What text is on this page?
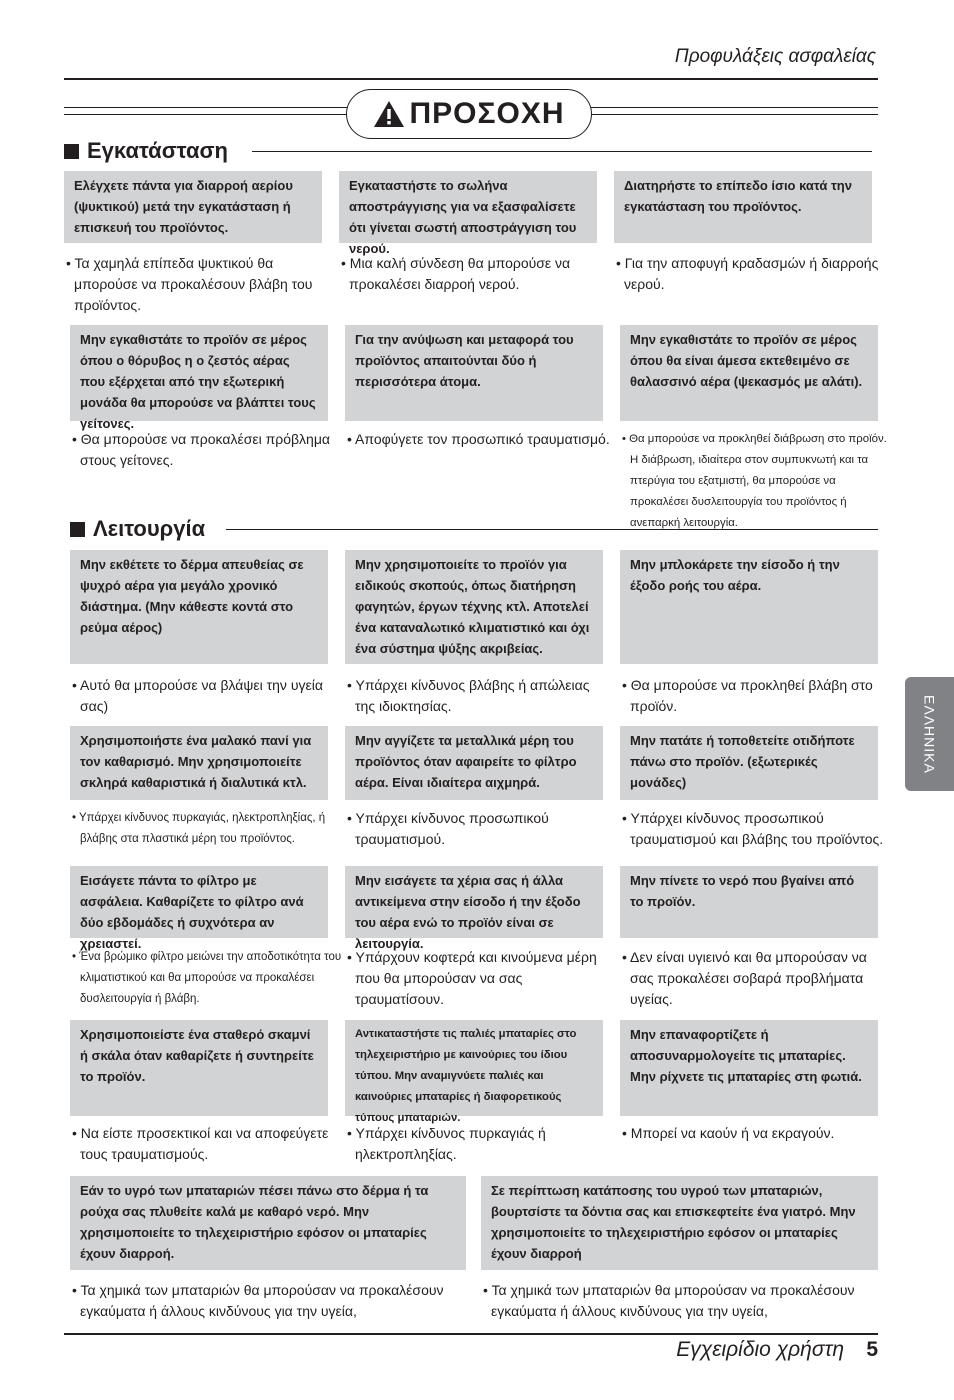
Προφυλάξεις ασφαλείας
ΠΡΟΣΟΧΗ
Εγκατάσταση
Ελέγχετε πάντα για διαρροή αερίου (ψυκτικού) μετά την εγκατάσταση ή επισκευή του προϊόντος.
Εγκαταστήστε το σωλήνα αποστράγγισης για να εξασφαλίσετε ότι γίνεται σωστή αποστράγγιση του νερού.
Διατηρήστε το επίπεδο ίσιο κατά την εγκατάσταση του προϊόντος.
• Τα χαμηλά επίπεδα ψυκτικού θα μπορούσε να προκαλέσουν βλάβη του προϊόντος.
• Μια καλή σύνδεση θα μπορούσε να προκαλέσει διαρροή νερού.
• Για την αποφυγή κραδασμών ή διαρροής νερού.
Μην εγκαθιστάτε το προϊόν σε μέρος όπου ο θόρυβος η ο ζεστός αέρας που εξέρχεται από την εξωτερική μονάδα θα μπορούσε να βλάπτει τους γείτονες.
Για την ανύψωση και μεταφορά του προϊόντος απαιτούνται δύο ή περισσότερα άτομα.
Μην εγκαθιστάτε το προϊόν σε μέρος όπου θα είναι άμεσα εκτεθειμένο σε θαλασσινό αέρα (ψεκασμός με αλάτι).
• Θα μπορούσε να προκαλέσει πρόβλημα στους γείτονες.
• Αποφύγετε τον προσωπικό τραυματισμό. • Θα μπορούσε να προκληθεί διάβρωση στο προϊόν. Η διάβρωση, ιδιαίτερα στον συμπυκνωτή και τα πτερύγια του εξατμιστή, θα μπορούσε να προκαλέσει δυσλειτουργία του προϊόντος ή ανεπαρκή λειτουργία.
Λειτουργία
Μην εκθέτετε το δέρμα απευθείας σε ψυχρό αέρα για μεγάλο χρονικό διάστημα. (Μην κάθεστε κοντά στο ρεύμα αέρος)
Μην χρησιμοποιείτε το προϊόν για ειδικούς σκοπούς, όπως διατήρηση φαγητών, έργων τέχνης κτλ. Αποτελεί ένα καταναλωτικό κλιματιστικό και όχι ένα σύστημα ψύξης ακριβείας.
Μην μπλοκάρετε την είσοδο ή την έξοδο ροής του αέρα.
• Αυτό θα μπορούσε να βλάψει την υγεία σας)
• Υπάρχει κίνδυνος βλάβης ή απώλειας της ιδιοκτησίας.
• Θα μπορούσε να προκληθεί βλάβη στο προϊόν.
Χρησιμοποιήστε ένα μαλακό πανί για τον καθαρισμό. Μην χρησιμοποιείτε σκληρά καθαριστικά ή διαλυτικά κτλ.
Μην αγγίζετε τα μεταλλικά μέρη του προϊόντος όταν αφαιρείτε το φίλτρο αέρα. Είναι ιδιαίτερα αιχμηρά.
Μην πατάτε ή τοποθετείτε οτιδήποτε πάνω στο προϊόν. (εξωτερικές μονάδες)
• Υπάρχει κίνδυνος πυρκαγιάς, ηλεκτροπληξίας, ή βλάβης στα πλαστικά μέρη του προϊόντος.
• Υπάρχει κίνδυνος προσωπικού τραυματισμού.
• Υπάρχει κίνδυνος προσωπικού τραυματισμού και βλάβης του προϊόντος.
Εισάγετε πάντα το φίλτρο με ασφάλεια. Καθαρίζετε το φίλτρο ανά δύο εβδομάδες ή συχνότερα αν χρειαστεί.
Μην εισάγετε τα χέρια σας ή άλλα αντικείμενα στην είσοδο ή την έξοδο του αέρα ενώ το προϊόν είναι σε λειτουργία.
Μην πίνετε το νερό που βγαίνει από το προϊόν.
• Ένα βρώμικο φίλτρο μειώνει την αποδοτικότητα του κλιματιστικού και θα μπορούσε να προκαλέσει δυσλειτουργία ή βλάβη.
• Υπάρχουν κοφτερά και κινούμενα μέρη που θα μπορούσαν να σας τραυματίσουν.
• Δεν είναι υγιεινό και θα μπορούσαν να σας προκαλέσει σοβαρά προβλήματα υγείας.
Χρησιμοποιείστε ένα σταθερό σκαμνί ή σκάλα όταν καθαρίζετε ή συντηρείτε το προϊόν.
Αντικαταστήστε τις παλιές μπαταρίες στο τηλεχειριστήριο με καινούριες του ίδιου τύπου. Μην αναμιγνύετε παλιές και καινούριες μπαταρίες ή διαφορετικούς τύπους μπαταριών.
Μην επαναφορτίζετε ή αποσυναρμολογείτε τις μπαταρίες. Μην ρίχνετε τις μπαταρίες στη φωτιά.
• Να είστε προσεκτικοί και να αποφεύγετε τους τραυματισμούς.
• Υπάρχει κίνδυνος πυρκαγιάς ή ηλεκτροπληξίας.
• Μπορεί να καούν ή να εκραγούν.
Εάν το υγρό των μπαταριών πέσει πάνω στο δέρμα ή τα ρούχα σας πλυθείτε καλά με καθαρό νερό. Μην χρησιμοποιείτε το τηλεχειριστήριο εφόσον οι μπαταρίες έχουν διαρροή.
Σε περίπτωση κατάποσης του υγρού των μπαταριών, βουρτσίστε τα δόντια σας και επισκεφτείτε ένα γιατρό. Μην χρησιμοποιείτε το τηλεχειριστήριο εφόσον οι μπαταρίες έχουν διαρροή
• Τα χημικά των μπαταριών θα μπορούσαν να προκαλέσουν εγκαύματα ή άλλους κινδύνους για την υγεία,
• Τα χημικά των μπαταριών θα μπορούσαν να προκαλέσουν εγκαύματα ή άλλους κινδύνους για την υγεία,
ΕΛΛΗΝΙΚΑ
Εγχειρίδιο χρήστη 5
